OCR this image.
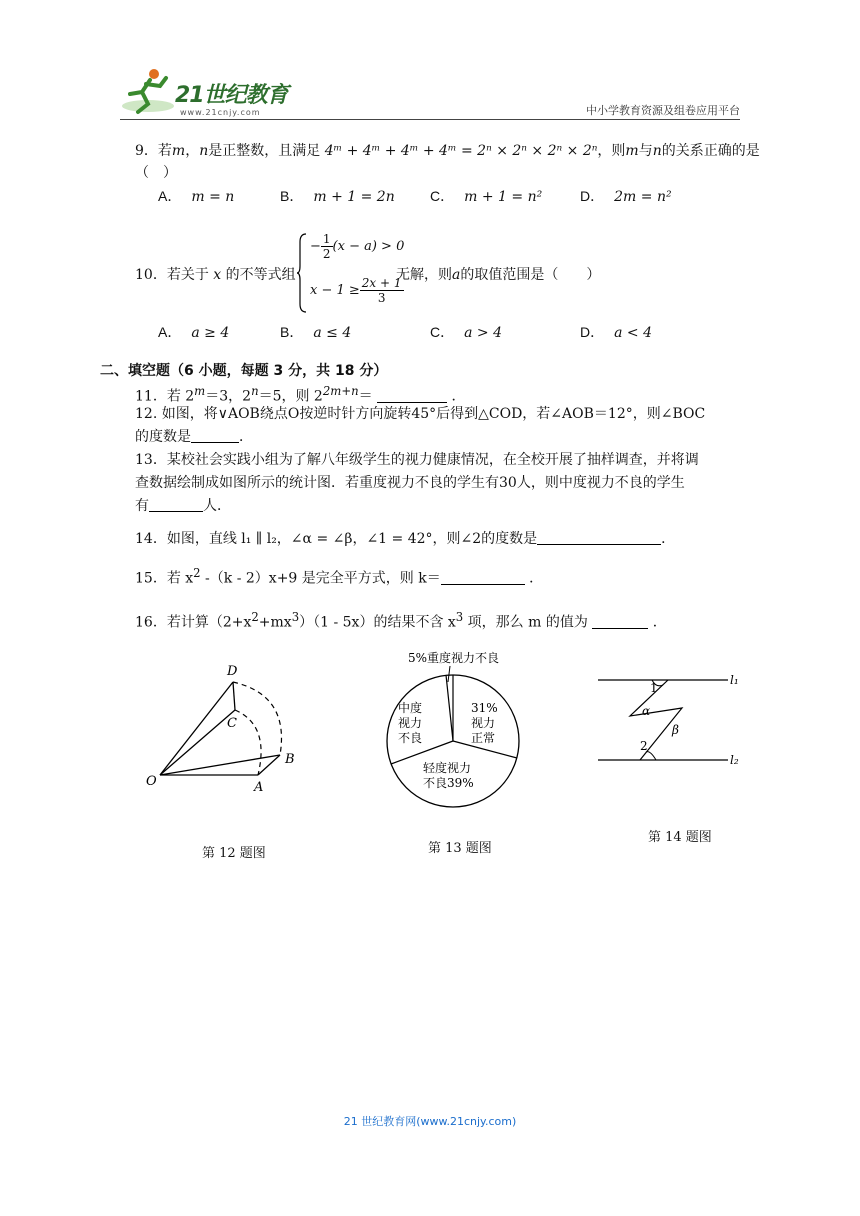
21世纪教育
www.21cnjy.com	中小学教育资源及组卷应用平台
9．若m，n是正整数，且满足 4ᵐ + 4ᵐ + 4ᵐ + 4ᵐ = 2ⁿ × 2ⁿ × 2ⁿ × 2ⁿ，则m与n的关系正确的是
（　）
A． m = n	B． m + 1 = 2n	C． m + 1 = n²	D． 2m = n²
10．若关于 x 的不等式组
− $\frac{1}{2} (x - a) > 0$
$x - 1 \ge \frac{2x + 1}{3}$
无解，则a的取值范围是（　　）
A． a ≥ 4	B． a ≤ 4	C． a > 4	D． a < 4
二、填空题（6 小题，每题 3 分，共 18 分）
11．若 $2^m=3$，$2^n=5$，则 $2^{2m+n}=$	．
12. 如图，将∨AOB绕点O按逆时针方向旋转45°后得到△COD，若∠AOB＝12°，则∠BOC
的度数是	．
13．某校社会实践小组为了解八年级学生的视力健康情况，在全校开展了抽样调查，并将调
查数据绘制成如图所示的统计图．若重度视力不良的学生有30人，则中度视力不良的学生
有	人．
14．如图，直线 l₁ ∥ l₂，∠α = ∠β，∠1 = 42°，则∠2的度数是	．
15．若 $x^2$ -（k - 2）x+9 是完全平方式，则 k＝	．
16．若计算$(2+x^2+mx^3)(1 - 5x)$的结果不含 $x^3$ 项，那么 m 的值为	．
D
C
B
O	A
第 12 题图
5%重度视力不良
中度
视力
不良
31%
视力
正常
轻度视力
不良39%
第 13 题图
l₁
l₂
1
α
β
2
第 14 题图
21 世纪教育网(www.21cnjy.com)
